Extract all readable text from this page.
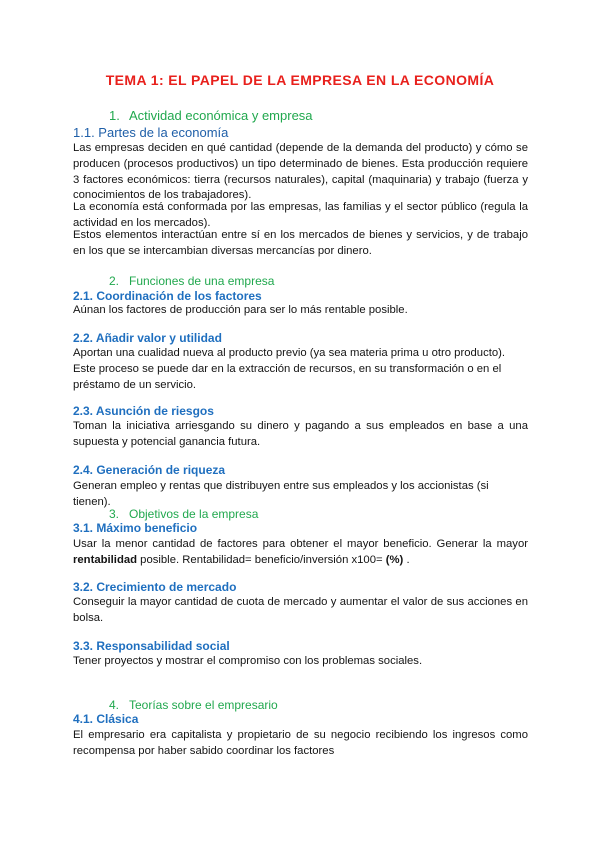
TEMA 1: EL PAPEL DE LA EMPRESA EN LA ECONOMÍA
1. Actividad económica y empresa
1.1. Partes de la economía
Las empresas deciden en qué cantidad (depende de la demanda del producto) y cómo se producen (procesos productivos) un tipo determinado de bienes. Esta producción requiere 3 factores económicos: tierra (recursos naturales), capital (maquinaria) y trabajo (fuerza y conocimientos de los trabajadores).
La economía está conformada por las empresas, las familias y el sector público (regula la actividad en los mercados).
Estos elementos interactúan entre sí en los mercados de bienes y servicios, y de trabajo en los que se intercambian diversas mercancías por dinero.
2. Funciones de una empresa
2.1. Coordinación de los factores
Aúnan los factores de producción para ser lo más rentable posible.
2.2. Añadir valor y utilidad
Aportan una cualidad nueva al producto previo (ya sea materia prima u otro producto). Este proceso se puede dar en la extracción de recursos, en su transformación o en el préstamo de un servicio.
2.3. Asunción de riesgos
Toman la iniciativa arriesgando su dinero y pagando a sus empleados en base a una supuesta y potencial ganancia futura.
2.4. Generación de riqueza
Generan empleo y rentas que distribuyen entre sus empleados y los accionistas (si tienen).
3. Objetivos de la empresa
3.1. Máximo beneficio
Usar la menor cantidad de factores para obtener el mayor beneficio. Generar la mayor rentabilidad posible. Rentabilidad= beneficio/inversión x100= (%) .
3.2. Crecimiento de mercado
Conseguir la mayor cantidad de cuota de mercado y aumentar el valor de sus acciones en bolsa.
3.3. Responsabilidad social
Tener proyectos y mostrar el compromiso con los problemas sociales.
4. Teorías sobre el empresario
4.1. Clásica
El empresario era capitalista y propietario de su negocio recibiendo los ingresos como recompensa por haber sabido coordinar los factores
